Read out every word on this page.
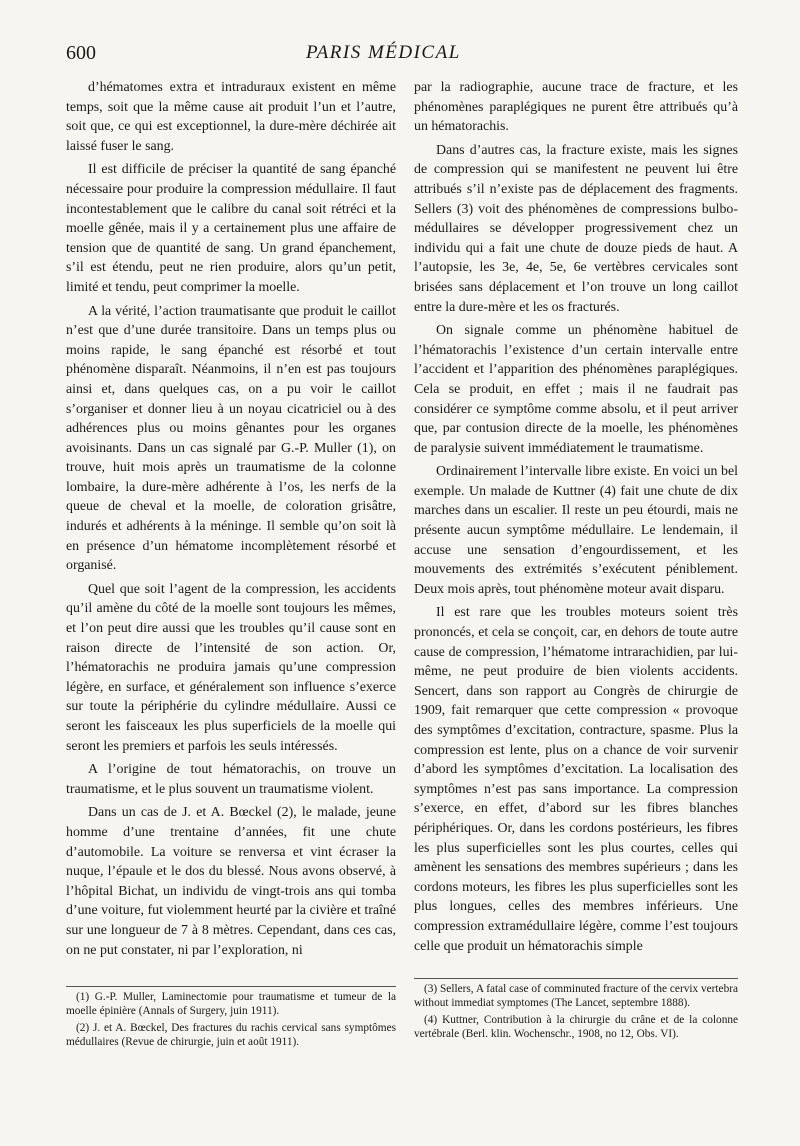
600	PARIS MÉDICAL

d’hématomes extra et intraduraux existent en même temps, soit que la même cause ait produit l’un et l’autre, soit que, ce qui est exceptionnel, la dure-mère déchirée ait laissé fuser le sang.

Il est difficile de préciser la quantité de sang épanché nécessaire pour produire la compression médullaire. Il faut incontestablement que le calibre du canal soit rétréci et la moelle gênée, mais il y a certainement plus une affaire de tension que de quantité de sang. Un grand épanchement, s’il est étendu, peut ne rien produire, alors qu’un petit, limité et tendu, peut comprimer la moelle.

A la vérité, l’action traumatisante que produit le caillot n’est que d’une durée transitoire. Dans un temps plus ou moins rapide, le sang épanché est résorbé et tout phénomène disparaît. Néanmoins, il n’en est pas toujours ainsi et, dans quelques cas, on a pu voir le caillot s’organiser et donner lieu à un noyau cicatriciel ou à des adhérences plus ou moins gênantes pour les organes avoisinants. Dans un cas signalé par G.-P. Muller (1), on trouve, huit mois après un traumatisme de la colonne lombaire, la dure-mère adhérente à l’os, les nerfs de la queue de cheval et la moelle, de coloration grisâtre, indurés et adhérents à la méninge. Il semble qu’on soit là en présence d’un hématome incomplètement résorbé et organisé.

Quel que soit l’agent de la compression, les accidents qu’il amène du côté de la moelle sont toujours les mêmes, et l’on peut dire aussi que les troubles qu’il cause sont en raison directe de l’intensité de son action. Or, l’hématorachis ne produira jamais qu’une compression légère, en surface, et généralement son influence s’exerce sur toute la périphérie du cylindre médullaire. Aussi ce seront les faisceaux les plus superficiels de la moelle qui seront les premiers et parfois les seuls intéressés.

A l’origine de tout hématorachis, on trouve un traumatisme, et le plus souvent un traumatisme violent.

Dans un cas de J. et A. Bœckel (2), le malade, jeune homme d’une trentaine d’années, fit une chute d’automobile. La voiture se renversa et vint écraser la nuque, l’épaule et le dos du blessé. Nous avons observé, à l’hôpital Bichat, un individu de vingt-trois ans qui tomba d’une voiture, fut violemment heurté par la civière et traîné sur une longueur de 7 à 8 mètres. Cependant, dans ces cas, on ne put constater, ni par l’exploration, ni

par la radiographie, aucune trace de fracture, et les phénomènes paraplégiques ne purent être attribués qu’à un hématorachis.

Dans d’autres cas, la fracture existe, mais les signes de compression qui se manifestent ne peuvent lui être attribués s’il n’existe pas de déplacement des fragments. Sellers (3) voit des phénomènes de compressions bulbo-médullaires se développer progressivement chez un individu qui a fait une chute de douze pieds de haut. A l’autopsie, les 3e, 4e, 5e, 6e vertèbres cervicales sont brisées sans déplacement et l’on trouve un long caillot entre la dure-mère et les os fracturés.

On signale comme un phénomène habituel de l’hématorachis l’existence d’un certain intervalle entre l’accident et l’apparition des phénomènes paraplégiques. Cela se produit, en effet ; mais il ne faudrait pas considérer ce symptôme comme absolu, et il peut arriver que, par contusion directe de la moelle, les phénomènes de paralysie suivent immédiatement le traumatisme.

Ordinairement l’intervalle libre existe. En voici un bel exemple. Un malade de Kuttner (4) fait une chute de dix marches dans un escalier. Il reste un peu étourdi, mais ne présente aucun symptôme médullaire. Le lendemain, il accuse une sensation d’engourdissement, et les mouvements des extrémités s’exécutent péniblement. Deux mois après, tout phénomène moteur avait disparu.

Il est rare que les troubles moteurs soient très prononcés, et cela se conçoit, car, en dehors de toute autre cause de compression, l’hématome intrarachidien, par lui-même, ne peut produire de bien violents accidents. Sencert, dans son rapport au Congrès de chirurgie de 1909, fait remarquer que cette compression « provoque des symptômes d’excitation, contracture, spasme. Plus la compression est lente, plus on a chance de voir survenir d’abord les symptômes d’excitation. La localisation des symptômes n’est pas sans importance. La compression s’exerce, en effet, d’abord sur les fibres blanches périphériques. Or, dans les cordons postérieurs, les fibres les plus superficielles sont les plus courtes, celles qui amènent les sensations des membres supérieurs ; dans les cordons moteurs, les fibres les plus superficielles sont les plus longues, celles des membres inférieurs. Une compression extramédullaire légère, comme l’est toujours celle que produit un hématorachis simple

(1) G.-P. Muller, Laminectomie pour traumatisme et tumeur de la moelle épinière (Annals of Surgery, juin 1911).

(2) J. et A. Bœckel, Des fractures du rachis cervical sans symptômes médullaires (Revue de chirurgie, juin et août 1911).

(3) Sellers, A fatal case of comminuted fracture of the cervix vertebra without immediat symptomes (The Lancet, septembre 1888).

(4) Kuttner, Contribution à la chirurgie du crâne et de la colonne vertébrale (Berl. klin. Wochenschr., 1908, no 12, Obs. VI).
